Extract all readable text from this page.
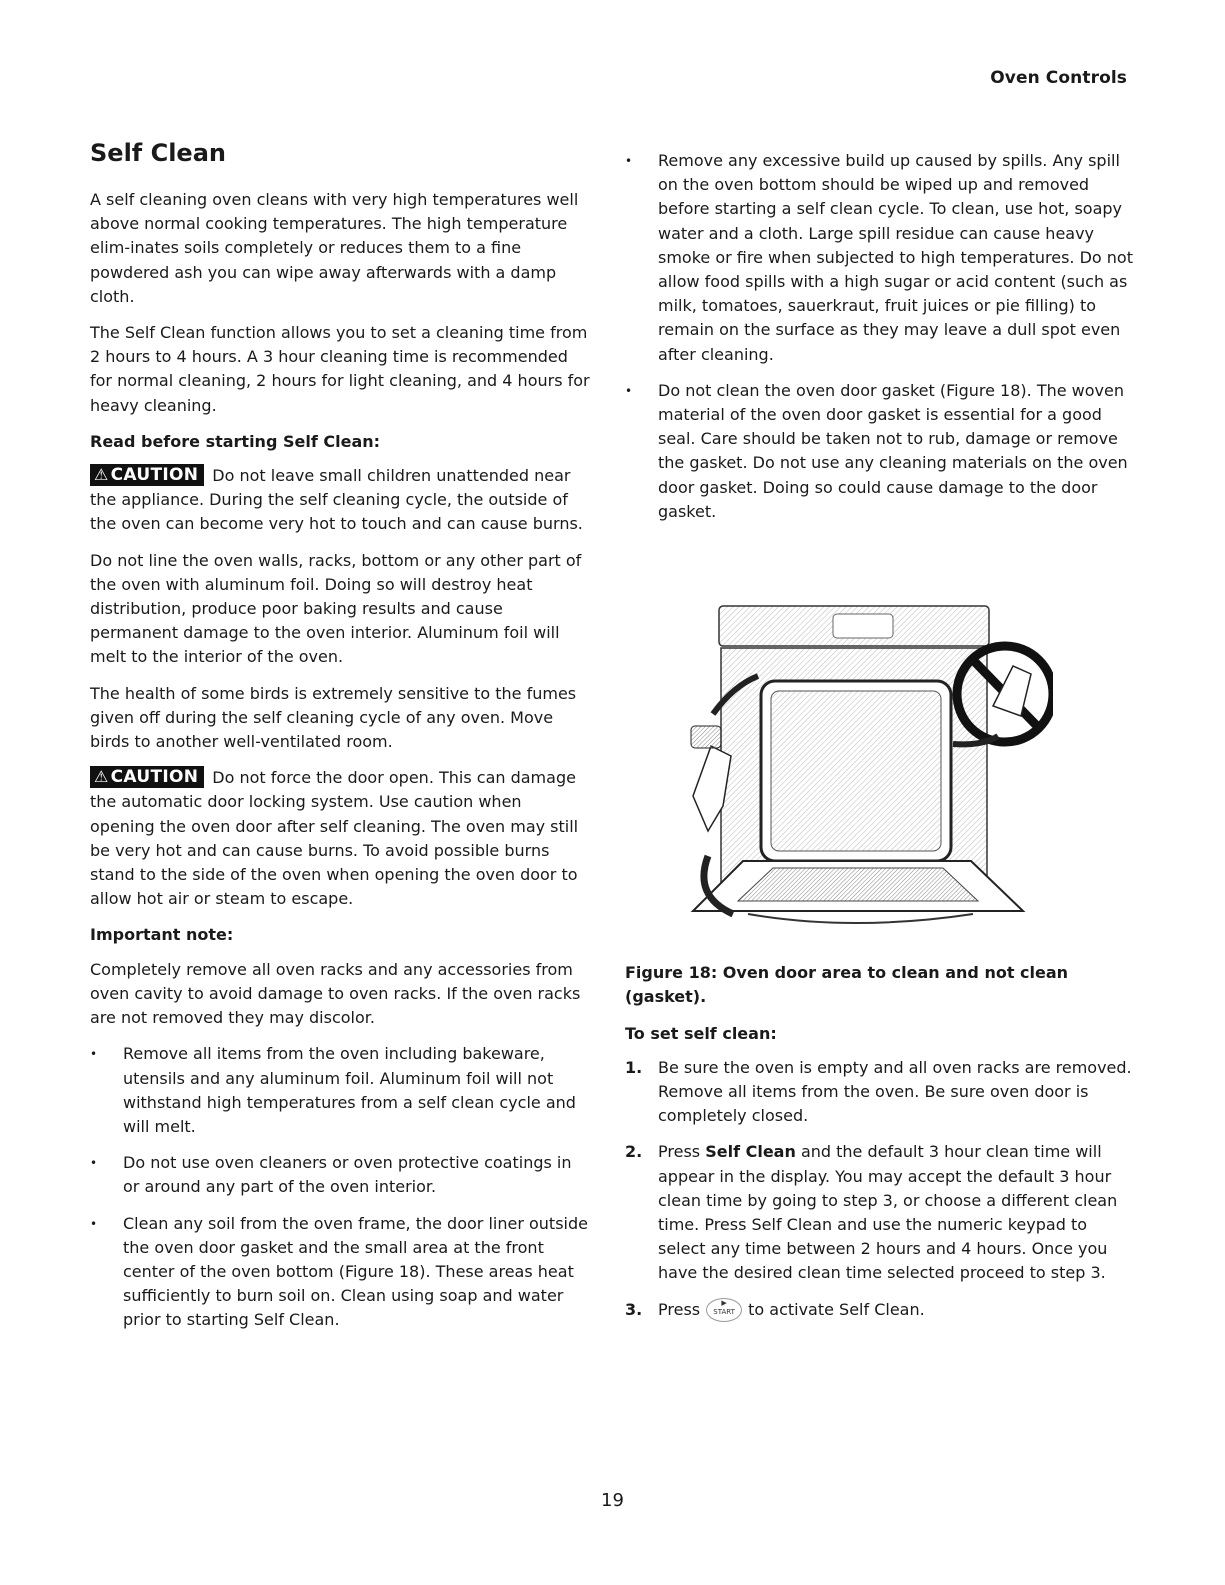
Oven Controls
Self Clean

A self cleaning oven cleans with very high temperatures well above normal cooking temperatures. The high temperature elim-inates soils completely or reduces them to a fine powdered ash you can wipe away afterwards with a damp cloth.

The Self Clean function allows you to set a cleaning time from 2 hours to 4 hours. A 3 hour cleaning time is recommended for normal cleaning, 2 hours for light cleaning, and 4 hours for heavy cleaning.

Read before starting Self Clean:

⚠ CAUTION Do not leave small children unattended near the appliance. During the self cleaning cycle, the outside of the oven can become very hot to touch and can cause burns.

Do not line the oven walls, racks, bottom or any other part of the oven with aluminum foil. Doing so will destroy heat distribution, produce poor baking results and cause permanent damage to the oven interior. Aluminum foil will melt to the interior of the oven.

The health of some birds is extremely sensitive to the fumes given off during the self cleaning cycle of any oven. Move birds to another well-ventilated room.

⚠ CAUTION Do not force the door open. This can damage the automatic door locking system. Use caution when opening the oven door after self cleaning. The oven may still be very hot and can cause burns. To avoid possible burns stand to the side of the oven when opening the oven door to allow hot air or steam to escape.

Important note:

Completely remove all oven racks and any accessories from oven cavity to avoid damage to oven racks. If the oven racks are not removed they may discolor.

• Remove all items from the oven including bakeware, utensils and any aluminum foil. Aluminum foil will not withstand high temperatures from a self clean cycle and will melt.
• Do not use oven cleaners or oven protective coatings in or around any part of the oven interior.
• Clean any soil from the oven frame, the door liner outside the oven door gasket and the small area at the front center of the oven bottom (Figure 18). These areas heat sufficiently to burn soil on. Clean using soap and water prior to starting Self Clean.
• Remove any excessive build up caused by spills. Any spill on the oven bottom should be wiped up and removed before starting a self clean cycle. To clean, use hot, soapy water and a cloth. Large spill residue can cause heavy smoke or fire when subjected to high temperatures. Do not allow food spills with a high sugar or acid content (such as milk, tomatoes, sauerkraut, fruit juices or pie filling) to remain on the surface as they may leave a dull spot even after cleaning.
• Do not clean the oven door gasket (Figure 18). The woven material of the oven door gasket is essential for a good seal. Care should be taken not to rub, damage or remove the gasket. Do not use any cleaning materials on the oven door gasket. Doing so could cause damage to the door gasket.

Figure 18: Oven door area to clean and not clean (gasket).

To set self clean:

1. Be sure the oven is empty and all oven racks are removed. Remove all items from the oven. Be sure oven door is completely closed.
2. Press Self Clean and the default 3 hour clean time will appear in the display. You may accept the default 3 hour clean time by going to step 3, or choose a different clean time. Press Self Clean and use the numeric keypad to select any time between 2 hours and 4 hours. Once you have the desired clean time selected proceed to step 3.
3. Press	▶
START to activate Self Clean.
19
